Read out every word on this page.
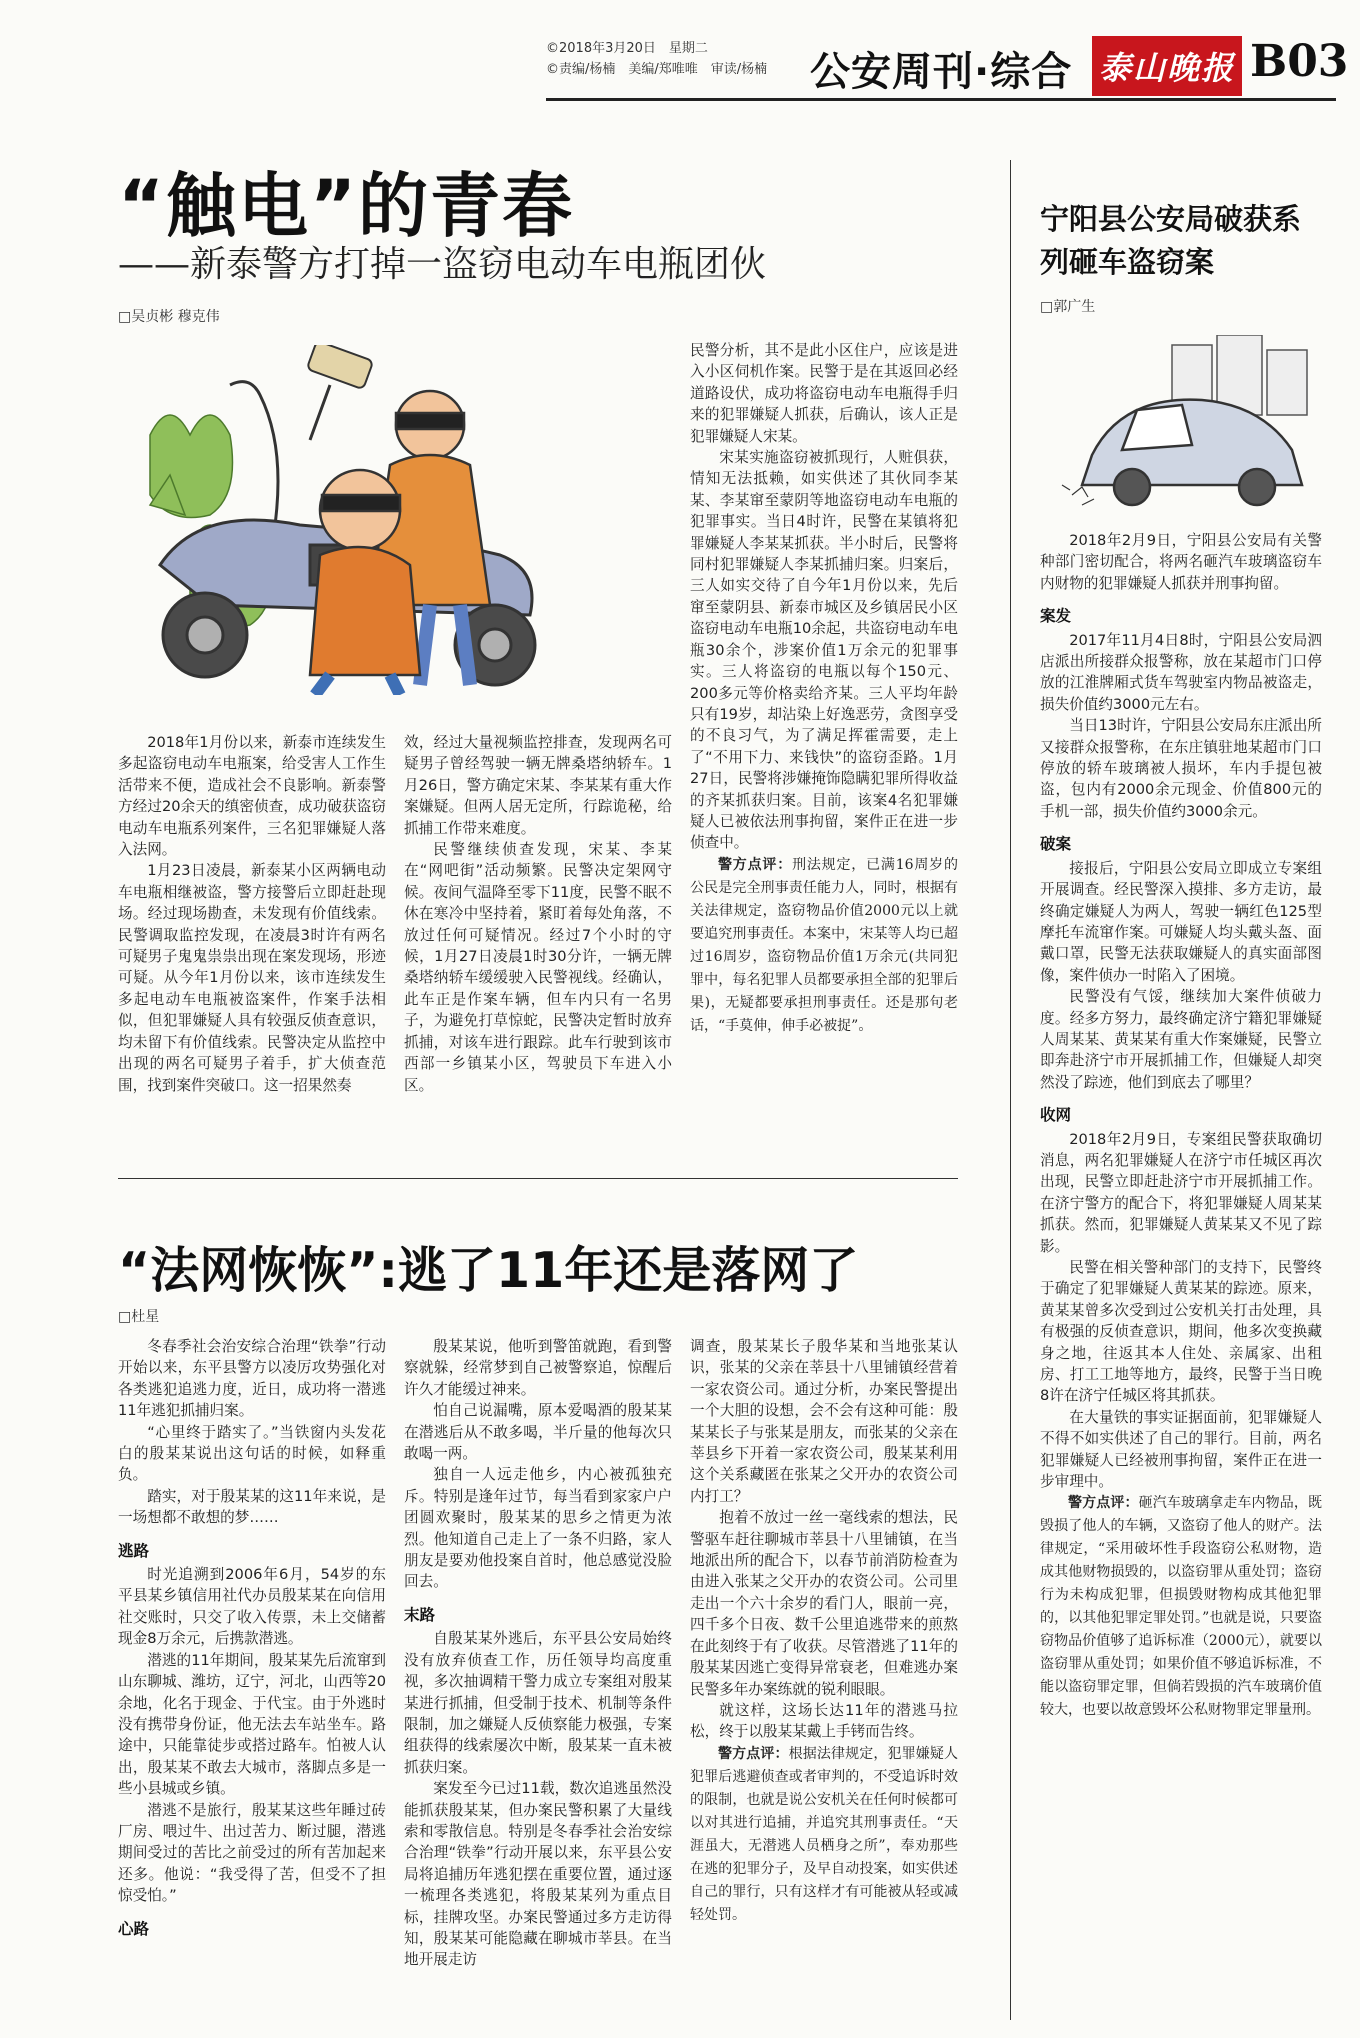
©2018年3月20日　星期二
©责编/杨楠　美编/郑唯唯　审读/杨楠	公安周刊·综合 泰山晚报 B03
“触电”的青春
——新泰警方打掉一盗窃电动车电瓶团伙
□吴贞彬 穆克伟

2018年1月份以来，新泰市连续发生多起盗窃电动车电瓶案，给受害人工作生活带来不便，造成社会不良影响。新泰警方经过20余天的缜密侦查，成功破获盗窃电动车电瓶系列案件，三名犯罪嫌疑人落入法网。

1月23日凌晨，新泰某小区两辆电动车电瓶相继被盗，警方接警后立即赶赴现场。经过现场勘查，未发现有价值线索。民警调取监控发现，在凌晨3时许有两名可疑男子鬼鬼祟祟出现在案发现场，形迹可疑。从今年1月份以来，该市连续发生多起电动车电瓶被盗案件，作案手法相似，但犯罪嫌疑人具有较强反侦查意识，均未留下有价值线索。民警决定从监控中出现的两名可疑男子着手，扩大侦查范围，找到案件突破口。这一招果然奏

效，经过大量视频监控排查，发现两名可疑男子曾经驾驶一辆无牌桑塔纳轿车。1月26日，警方确定宋某、李某某有重大作案嫌疑。但两人居无定所，行踪诡秘，给抓捕工作带来难度。

民警继续侦查发现，宋某、李某在“网吧街”活动频繁。民警决定架网守候。夜间气温降至零下11度，民警不眠不休在寒冷中坚持着，紧盯着每处角落，不放过任何可疑情况。经过7个小时的守候，1月27日凌晨1时30分许，一辆无牌桑塔纳轿车缓缓驶入民警视线。经确认，此车正是作案车辆，但车内只有一名男子，为避免打草惊蛇，民警决定暂时放弃抓捕，对该车进行跟踪。此车行驶到该市西部一乡镇某小区，驾驶员下车进入小区。

民警分析，其不是此小区住户，应该是进入小区伺机作案。民警于是在其返回必经道路设伏，成功将盗窃电动车电瓶得手归来的犯罪嫌疑人抓获，后确认，该人正是犯罪嫌疑人宋某。

宋某实施盗窃被抓现行，人赃俱获，情知无法抵赖，如实供述了其伙同李某某、李某窜至蒙阴等地盗窃电动车电瓶的犯罪事实。当日4时许，民警在某镇将犯罪嫌疑人李某某抓获。半小时后，民警将同村犯罪嫌疑人李某抓捕归案。归案后，三人如实交待了自今年1月份以来，先后窜至蒙阴县、新泰市城区及乡镇居民小区盗窃电动车电瓶10余起，共盗窃电动车电瓶30余个，涉案价值1万余元的犯罪事实。三人将盗窃的电瓶以每个150元、200多元等价格卖给齐某。三人平均年龄只有19岁，却沾染上好逸恶劳，贪图享受的不良习气，为了满足挥霍需要，走上了“不用下力、来钱快”的盗窃歪路。1月27日，民警将涉嫌掩饰隐瞒犯罪所得收益的齐某抓获归案。目前，该案4名犯罪嫌疑人已被依法刑事拘留，案件正在进一步侦查中。

警方点评：刑法规定，已满16周岁的公民是完全刑事责任能力人，同时，根据有关法律规定，盗窃物品价值2000元以上就要追究刑事责任。本案中，宋某等人均已超过16周岁，盗窃物品价值1万余元(共同犯罪中，每名犯罪人员都要承担全部的犯罪后果)，无疑都要承担刑事责任。还是那句老话，“手莫伸，伸手必被捉”。

“法网恢恢”:逃了11年还是落网了
□杜星

冬春季社会治安综合治理“铁拳”行动开始以来，东平县警方以凌厉攻势强化对各类逃犯追逃力度，近日，成功将一潜逃11年逃犯抓捕归案。

“心里终于踏实了。”当铁窗内头发花白的殷某某说出这句话的时候，如释重负。

踏实，对于殷某某的这11年来说，是一场想都不敢想的梦……

逃路

时光追溯到2006年6月，54岁的东平县某乡镇信用社代办员殷某某在向信用社交账时，只交了收入传票，未上交储蓄现金8万余元，后携款潜逃。

潜逃的11年期间，殷某某先后流窜到山东聊城、潍坊，辽宁，河北，山西等20余地，化名于现金、于代宝。由于外逃时没有携带身份证，他无法去车站坐车。路途中，只能靠徒步或搭过路车。怕被人认出，殷某某不敢去大城市，落脚点多是一些小县城或乡镇。

潜逃不是旅行，殷某某这些年睡过砖厂房、喂过牛、出过苦力、断过腿，潜逃期间受过的苦比之前受过的所有苦加起来还多。他说：“我受得了苦，但受不了担惊受怕。”

心路

殷某某说，他听到警笛就跑，看到警察就躲，经常梦到自己被警察追，惊醒后许久才能缓过神来。

怕自己说漏嘴，原本爱喝酒的殷某某在潜逃后从不敢多喝，半斤量的他每次只敢喝一两。

独自一人远走他乡，内心被孤独充斥。特别是逢年过节，每当看到家家户户团圆欢聚时，殷某某的思乡之情更为浓烈。他知道自己走上了一条不归路，家人朋友是要劝他投案自首时，他总感觉没脸回去。

末路

自殷某某外逃后，东平县公安局始终没有放弃侦查工作，历任领导均高度重视，多次抽调精干警力成立专案组对殷某某进行抓捕，但受制于技术、机制等条件限制，加之嫌疑人反侦察能力极强，专案组获得的线索屡次中断，殷某某一直未被抓获归案。

案发至今已过11载，数次追逃虽然没能抓获殷某某，但办案民警积累了大量线索和零散信息。特别是冬春季社会治安综合治理“铁拳”行动开展以来，东平县公安局将追捕历年逃犯摆在重要位置，通过逐一梳理各类逃犯，将殷某某列为重点目标，挂牌攻坚。办案民警通过多方走访得知，殷某某可能隐藏在聊城市莘县。在当地开展走访

调查，殷某某长子殷华某和当地张某认识，张某的父亲在莘县十八里铺镇经营着一家农资公司。通过分析，办案民警提出一个大胆的设想，会不会有这种可能：殷某某长子与张某是朋友，而张某的父亲在莘县乡下开着一家农资公司，殷某某利用这个关系藏匿在张某之父开办的农资公司内打工？

抱着不放过一丝一毫线索的想法，民警驱车赶往聊城市莘县十八里铺镇，在当地派出所的配合下，以春节前消防检查为由进入张某之父开办的农资公司。公司里走出一个六十余岁的看门人，眼前一亮，四千多个日夜、数千公里追逃带来的煎熬在此刻终于有了收获。尽管潜逃了11年的殷某某因逃亡变得异常衰老，但难逃办案民警多年办案练就的锐利眼眼。

就这样，这场长达11年的潜逃马拉松，终于以殷某某戴上手铐而告终。

警方点评：根据法律规定，犯罪嫌疑人犯罪后逃避侦查或者审判的，不受追诉时效的限制，也就是说公安机关在任何时候都可以对其进行追捕，并追究其刑事责任。“天涯虽大，无潜逃人员栖身之所”，奉劝那些在逃的犯罪分子，及早自动投案，如实供述自己的罪行，只有这样才有可能被从轻或减轻处罚。

宁阳县公安局破获系列砸车盗窃案
□郭广生

2018年2月9日，宁阳县公安局有关警种部门密切配合，将两名砸汽车玻璃盗窃车内财物的犯罪嫌疑人抓获并刑事拘留。

案发

2017年11月4日8时，宁阳县公安局泗店派出所接群众报警称，放在某超市门口停放的江淮牌厢式货车驾驶室内物品被盗走，损失价值约3000元左右。

当日13时许，宁阳县公安局东庄派出所又接群众报警称，在东庄镇驻地某超市门口停放的轿车玻璃被人损坏，车内手提包被盗，包内有2000余元现金、价值800元的手机一部，损失价值约3000余元。

破案

接报后，宁阳县公安局立即成立专案组开展调查。经民警深入摸排、多方走访，最终确定嫌疑人为两人，驾驶一辆红色125型摩托车流窜作案。可嫌疑人均头戴头盔、面戴口罩，民警无法获取嫌疑人的真实面部图像，案件侦办一时陷入了困境。

民警没有气馁，继续加大案件侦破力度。经多方努力，最终确定济宁籍犯罪嫌疑人周某某、黄某某有重大作案嫌疑，民警立即奔赴济宁市开展抓捕工作，但嫌疑人却突然没了踪迹，他们到底去了哪里？

收网

2018年2月9日，专案组民警获取确切消息，两名犯罪嫌疑人在济宁市任城区再次出现，民警立即赶赴济宁市开展抓捕工作。在济宁警方的配合下，将犯罪嫌疑人周某某抓获。然而，犯罪嫌疑人黄某某又不见了踪影。

民警在相关警种部门的支持下，民警终于确定了犯罪嫌疑人黄某某的踪迹。原来，黄某某曾多次受到过公安机关打击处理，具有极强的反侦查意识，期间，他多次变换藏身之地，往返其本人住处、亲属家、出租房、打工工地等地方，最终，民警于当日晚8许在济宁任城区将其抓获。

在大量铁的事实证据面前，犯罪嫌疑人不得不如实供述了自己的罪行。目前，两名犯罪嫌疑人已经被刑事拘留，案件正在进一步审理中。

警方点评：砸汽车玻璃拿走车内物品，既毁损了他人的车辆，又盗窃了他人的财产。法律规定，“采用破坏性手段盗窃公私财物，造成其他财物损毁的，以盗窃罪从重处罚；盗窃行为未构成犯罪，但损毁财物构成其他犯罪的，以其他犯罪定罪处罚。”也就是说，只要盗窃物品价值够了追诉标准（2000元），就要以盗窃罪从重处罚；如果价值不够追诉标准，不能以盗窃罪定罪，但倘若毁损的汽车玻璃价值较大，也要以故意毁坏公私财物罪定罪量刑。
